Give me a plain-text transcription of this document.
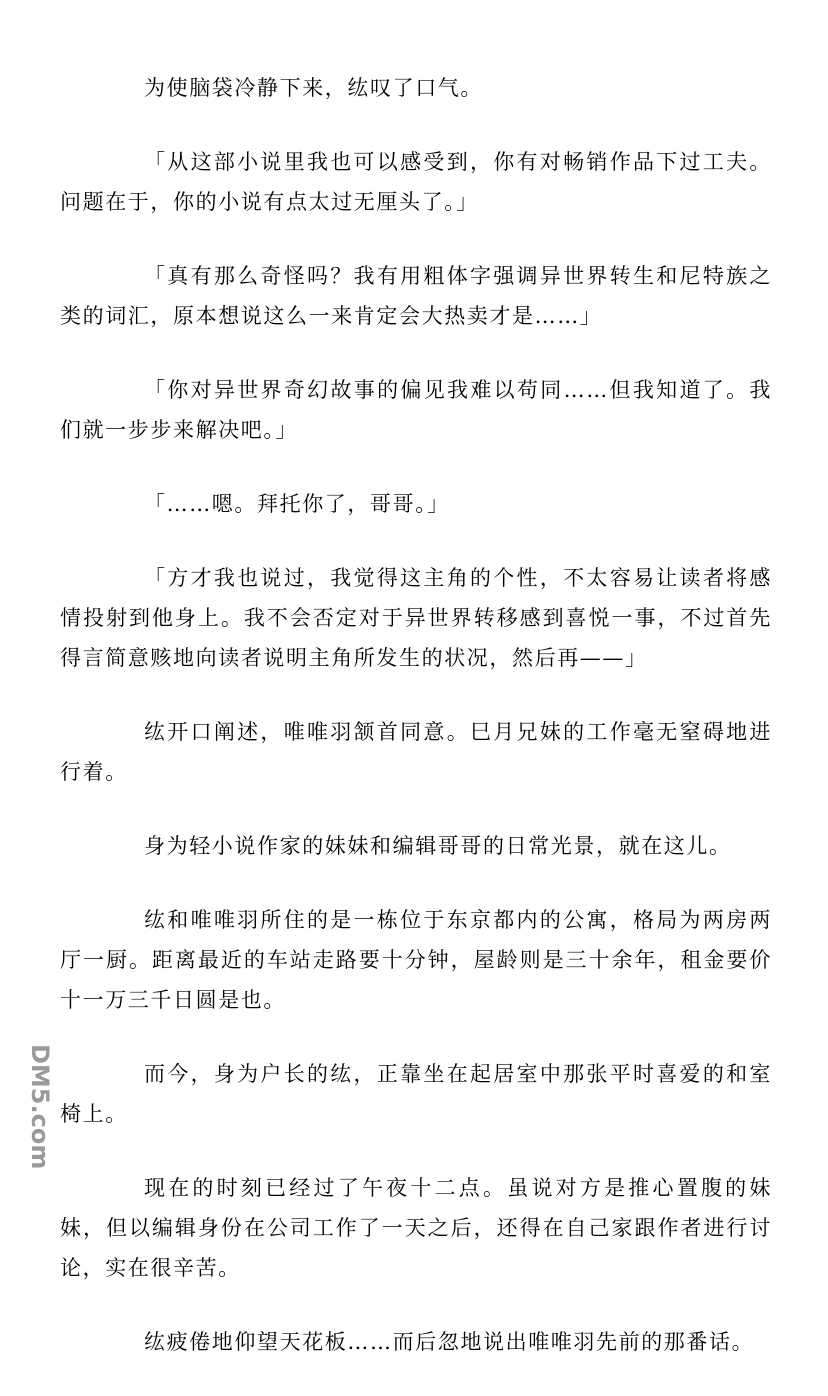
为使脑袋冷静下来，纮叹了口气。

「从这部小说里我也可以感受到，你有对畅销作品下过工夫。问题在于，你的小说有点太过无厘头了。」

「真有那么奇怪吗？我有用粗体字强调异世界转生和尼特族之类的词汇，原本想说这么一来肯定会大热卖才是……」

「你对异世界奇幻故事的偏见我难以苟同……但我知道了。我们就一步步来解决吧。」

「……嗯。拜托你了，哥哥。」

「方才我也说过，我觉得这主角的个性，不太容易让读者将感情投射到他身上。我不会否定对于异世界转移感到喜悦一事，不过首先得言简意赅地向读者说明主角所发生的状况，然后再——」

纮开口阐述，唯唯羽颔首同意。巳月兄妹的工作毫无窒碍地进行着。

身为轻小说作家的妹妹和编辑哥哥的日常光景，就在这儿。

纮和唯唯羽所住的是一栋位于东京都内的公寓，格局为两房两厅一厨。距离最近的车站走路要十分钟，屋龄则是三十余年，租金要价十一万三千日圆是也。

而今，身为户长的纮，正靠坐在起居室中那张平时喜爱的和室椅上。

现在的时刻已经过了午夜十二点。虽说对方是推心置腹的妹妹，但以编辑身份在公司工作了一天之后，还得在自己家跟作者进行讨论，实在很辛苦。

纮疲倦地仰望天花板……而后忽地说出唯唯羽先前的那番话。

DM5.com
